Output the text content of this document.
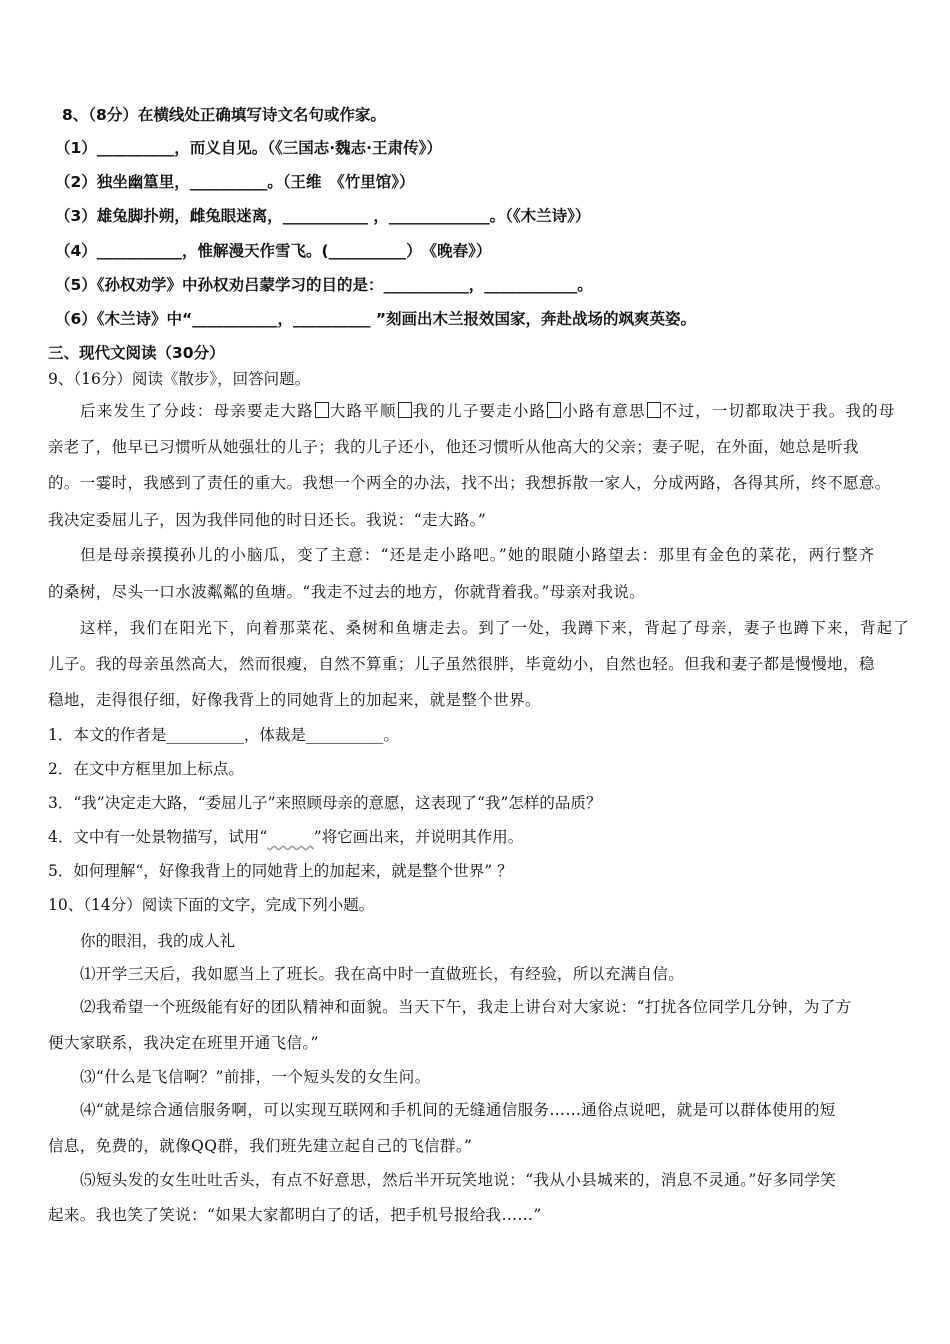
8、（8分）在横线处正确填写诗文名句或作家。
（1）__________，而义自见。（《三国志·魏志·王肃传》）
（2）独坐幽篁里，__________。（王维　《竹里馆》）
（3）雄兔脚扑朔，雌兔眼迷离，___________ ，_____________。（《木兰诗》）
（4）___________，惟解漫天作雪飞。(__________）　《晚春》）
（5）《孙权劝学》中孙权劝吕蒙学习的目的是：___________，____________。
（6）《木兰诗》中“___________，__________ ”刻画出木兰报效国家，奔赴战场的飒爽英姿。
三、现代文阅读（30分）
9、（16分）阅读《散步》，回答问题。
后来发生了分歧：母亲要走大路 大路平顺 我的儿子要走小路 小路有意思 不过，一切都取决于我。我的母
亲老了，他早已习惯听从她强壮的儿子；我的儿子还小，他还习惯听从他高大的父亲；妻子呢，在外面，她总是听我
的。一霎时，我感到了责任的重大。我想一个两全的办法，找不出；我想拆散一家人，分成两路，各得其所，终不愿意。
我决定委屈儿子，因为我伴同他的时日还长。我说：“走大路。”
但是母亲摸摸孙儿的小脑瓜，变了主意：“还是走小路吧。”她的眼随小路望去：那里有金色的菜花，两行整齐
的桑树，尽头一口水波粼粼的鱼塘。“我走不过去的地方，你就背着我。”母亲对我说。
这样，我们在阳光下，向着那菜花、桑树和鱼塘走去。到了一处，我蹲下来，背起了母亲，妻子也蹲下来，背起了
儿子。我的母亲虽然高大，然而很瘦，自然不算重；儿子虽然很胖，毕竟幼小，自然也轻。但我和妻子都是慢慢地，稳
稳地，走得很仔细，好像我背上的同她背上的加起来，就是整个世界。
1．本文的作者是__________，体裁是__________。
2．在文中方框里加上标点。
3．“我”决定走大路，“委屈儿子”来照顾母亲的意愿，这表现了“我”怎样的品质？
4．文中有一处景物描写，试用“______”将它画出来，并说明其作用。
5．如何理解“，好像我背上的同她背上的加起来，就是整个世界” ？
10、（14分）阅读下面的文字，完成下列小题。
你的眼泪，我的成人礼
⑴开学三天后，我如愿当上了班长。我在高中时一直做班长，有经验，所以充满自信。
⑵我希望一个班级能有好的团队精神和面貌。当天下午，我走上讲台对大家说：“打扰各位同学几分钟，为了方
便大家联系，我决定在班里开通飞信。”
⑶“什么是飞信啊？”前排，一个短头发的女生问。
⑷“就是综合通信服务啊，可以实现互联网和手机间的无缝通信服务……通俗点说吧，就是可以群体使用的短
信息，免费的，就像QQ群，我们班先建立起自己的飞信群。”
⑸短头发的女生吐吐舌头，有点不好意思，然后半开玩笑地说：“我从小县城来的，消息不灵通。”好多同学笑
起来。我也笑了笑说：“如果大家都明白了的话，把手机号报给我……”
